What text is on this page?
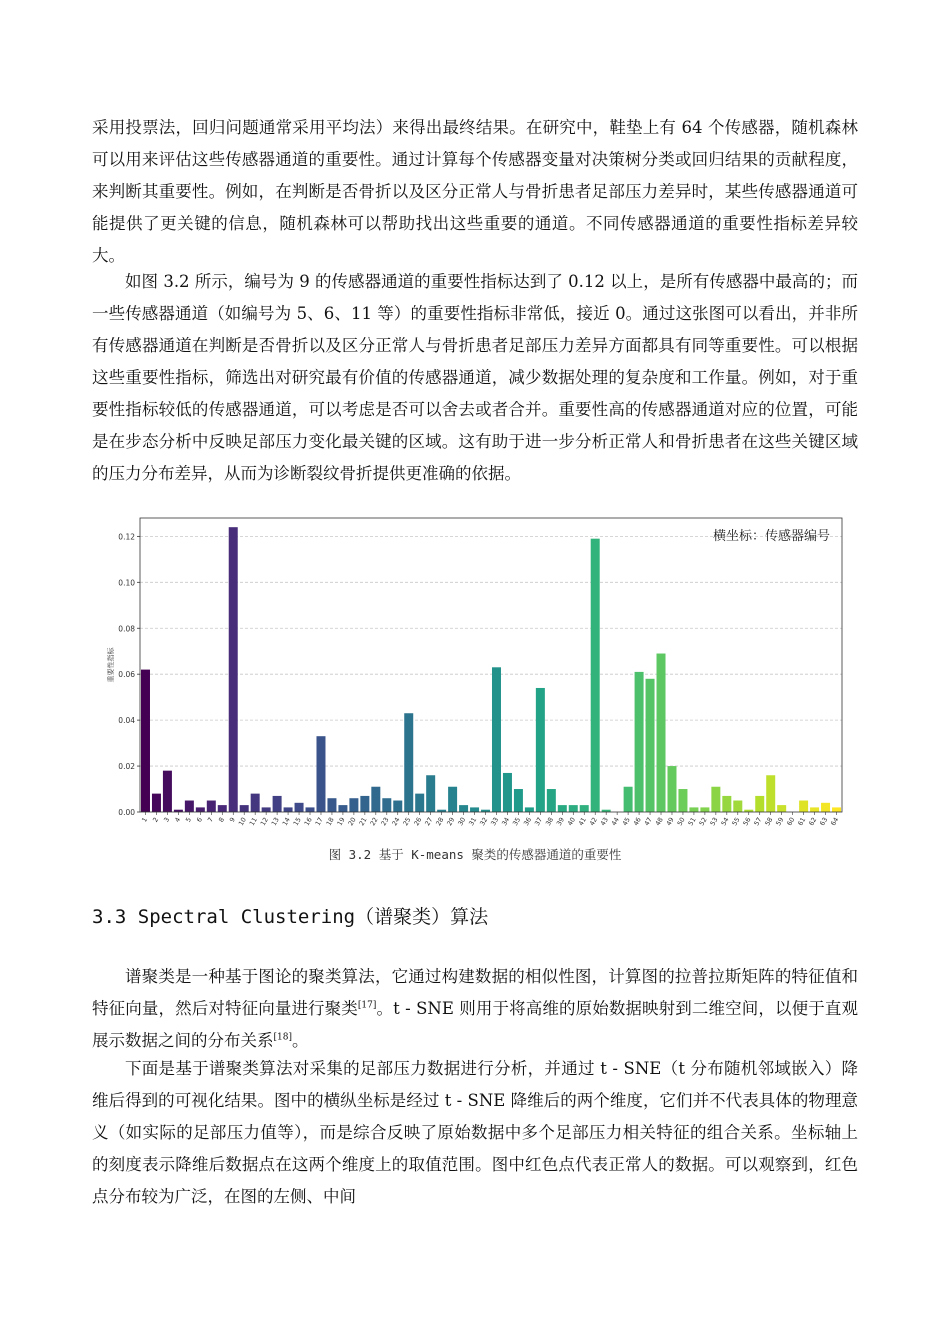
采用投票法，回归问题通常采用平均法）来得出最终结果。在研究中，鞋垫上有 64 个传感器，随机森林可以用来评估这些传感器通道的重要性。通过计算每个传感器变量对决策树分类或回归结果的贡献程度，来判断其重要性。例如，在判断是否骨折以及区分正常人与骨折患者足部压力差异时，某些传感器通道可能提供了更关键的信息，随机森林可以帮助找出这些重要的通道。不同传感器通道的重要性指标差异较大。

如图 3.2 所示，编号为 9 的传感器通道的重要性指标达到了 0.12 以上，是所有传感器中最高的；而一些传感器通道（如编号为 5、6、11 等）的重要性指标非常低，接近 0。通过这张图可以看出，并非所有传感器通道在判断是否骨折以及区分正常人与骨折患者足部压力差异方面都具有同等重要性。可以根据这些重要性指标，筛选出对研究最有价值的传感器通道，减少数据处理的复杂度和工作量。例如，对于重要性指标较低的传感器通道，可以考虑是否可以舍去或者合并。重要性高的传感器通道对应的位置，可能是在步态分析中反映足部压力变化最关键的区域。这有助于进一步分析正常人和骨折患者在这些关键区域的压力分布差异，从而为诊断裂纹骨折提供更准确的依据。

0.00
0.02
0.04
0.06
0.08
0.10
0.12
1 2 3 4 5 6 7 8 9 10 11 12 13 14 15 16 17 18 19 20 21 22 23 24 25 26 27 28 29 30 31 32 33 34 35 36 37 38 39 40 41 42 43 44 45 46 47 48 49 50 51 52 53 54 55 56 57 58 59 60 61 62 63 64
重要性指标
横坐标：传感器编号
图 3.2 基于 K-means 聚类的传感器通道的重要性
3.3 Spectral Clustering（谱聚类）算法

谱聚类是一种基于图论的聚类算法，它通过构建数据的相似性图，计算图的拉普拉斯矩阵的特征值和特征向量，然后对特征向量进行聚类[17]。t - SNE 则用于将高维的原始数据映射到二维空间，以便于直观展示数据之间的分布关系[18]。

下面是基于谱聚类算法对采集的足部压力数据进行分析，并通过 t - SNE（t 分布随机邻域嵌入）降维后得到的可视化结果。图中的横纵坐标是经过 t - SNE 降维后的两个维度，它们并不代表具体的物理意义（如实际的足部压力值等），而是综合反映了原始数据中多个足部压力相关特征的组合关系。坐标轴上的刻度表示降维后数据点在这两个维度上的取值范围。图中红色点代表正常人的数据。可以观察到，红色点分布较为广泛，在图的左侧、中间
